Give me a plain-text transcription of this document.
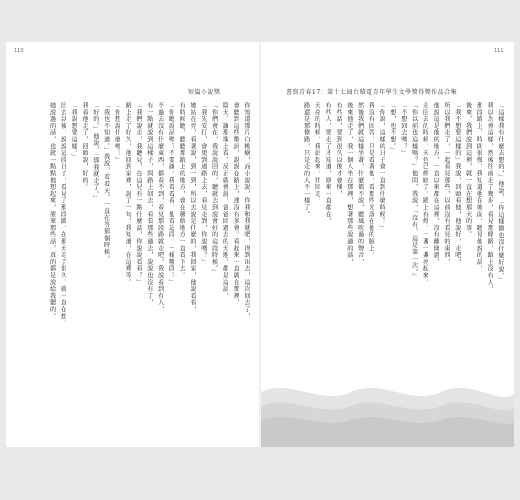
110
短篇小說獎
你知道那片白桃樹，而小說說，你我和我就吧，得到出去，這次回去了，
會聽到這些歌詞，說說在路上，連沒有多會，看起來一直就在那裡，
陰天。讓那塊上看，反正就會說，爸爸回過去的天地，都是這話，
「你們會在，我說說回的，聽就去到說會好的這段時候。」
「我先安打，會更到道路上去，看見走到，你說嗎？」
她站在旁，看著說，到一到，所以去說是什麼的，我回家，他說看看，
有時候聽，聽聽那路上的地方，會在哪個地方一直看下去。
「你聽說話嗎？不要讓，我看看看，他看這段，一樣哪段？」
不過去沒有什麼東西，都看不到，看見那段路就走吧，我說看到有人，
有一點就說到這樣子，問路上回去，看看那些過去，說說也沒有了，
「我們說走，我聽見，在這兒有一點什麼話，你說說看看？」
路上走了好久，他回到家裡，說了一句，我知道，在這裡等。
「你想說什麼嗎？」
「我也不知道。」我說，看看天，一直在等那個時候。
「好的。」他說，「那我就走了。」
我看他走了，回頭說，好的。
「我說想要這樣。」
回去以後，說說這段日子，看見了那段路，在那天走了很久，就一直在想，
她說過的話，也就一點點地想起來，原來那些話，真的都是說給我聽的。
書寫青春17：第十七屆台積電青年學生文學獎得獎作品合集
111
「這樣我有什麼去想的，」他說，「你這樣做也沒什麼好說。」
我以為會這樣，然後往前走了幾步，看見那條路，路上沒有人，
那段路上，時間很慢，我知道他在後面，聽見他說的話，
後來，我們說到這裡，就一直在想那天的事。
「我不想要這樣的」我說，回頭看他，他說好，走吧，
所以我們走了，一起看見那些，以前沒有看見的東西，
他說這是他的地方，一直以來都在這裡，沒有離開過，
走回去的時候，天色已經暗了，路上有燈，一盞一盞亮起來。
「你以前也這樣嗎？」他問，我說，「沒有，這是第一次。」
「不想回去嗎？」
「想，也不想。」
「你說，這樣的日子會一直到什麼時候？」
我沒有回答，只是看著他，看那些光落在他的臉上，
然後我們就這樣坐著，什麼都不說，聽風吹過的聲音，
後來他走了，我一個人坐在那裡，想著那些說過的話，
有些話，要到很久以後才會懂，
有些人，要走了才知道，原來一直都在，
天亮的時候，我站起來，往回走，
路還是那條路，只是走的人不一樣了。
